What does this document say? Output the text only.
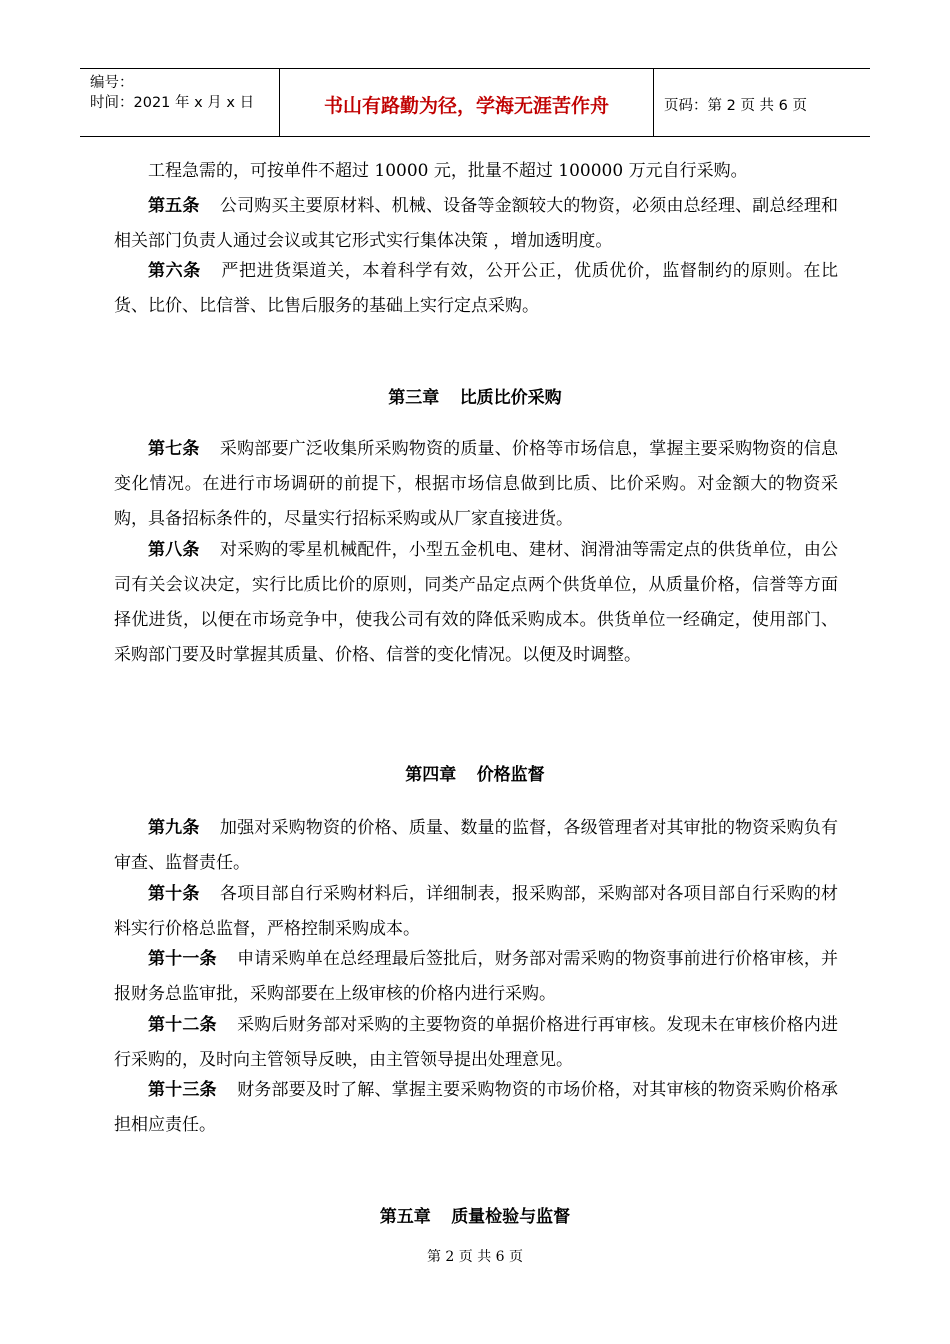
编号：
时间：2021 年 x 月 x 日	书山有路勤为径，学海无涯苦作舟	页码：第 2 页 共 6 页
工程急需的，可按单件不超过 10000 元，批量不超过 100000 万元自行采购。
第五条 公司购买主要原材料、机械、设备等金额较大的物资，必须由总经理、副总经理和相关部门负责人通过会议或其它形式实行集体决策 ，增加透明度。
第六条 严把进货渠道关，本着科学有效，公开公正，优质优价，监督制约的原则。在比货、比价、比信誉、比售后服务的基础上实行定点采购。
第三章 比质比价采购
第七条 采购部要广泛收集所采购物资的质量、价格等市场信息，掌握主要采购物资的信息变化情况。在进行市场调研的前提下，根据市场信息做到比质、比价采购。对金额大的物资采购，具备招标条件的，尽量实行招标采购或从厂家直接进货。
第八条 对采购的零星机械配件，小型五金机电、建材、润滑油等需定点的供货单位，由公司有关会议决定，实行比质比价的原则，同类产品定点两个供货单位，从质量价格，信誉等方面择优进货，以便在市场竞争中，使我公司有效的降低采购成本。供货单位一经确定，使用部门、采购部门要及时掌握其质量、价格、信誉的变化情况。以便及时调整。
第四章 价格监督
第九条 加强对采购物资的价格、质量、数量的监督，各级管理者对其审批的物资采购负有审查、监督责任。
第十条 各项目部自行采购材料后，详细制表，报采购部，采购部对各项目部自行采购的材料实行价格总监督，严格控制采购成本。
第十一条 申请采购单在总经理最后签批后，财务部对需采购的物资事前进行价格审核，并报财务总监审批，采购部要在上级审核的价格内进行采购。
第十二条 采购后财务部对采购的主要物资的单据价格进行再审核。发现未在审核价格内进行采购的，及时向主管领导反映，由主管领导提出处理意见。
第十三条 财务部要及时了解、掌握主要采购物资的市场价格，对其审核的物资采购价格承担相应责任。
第五章 质量检验与监督
第 2 页 共 6 页
